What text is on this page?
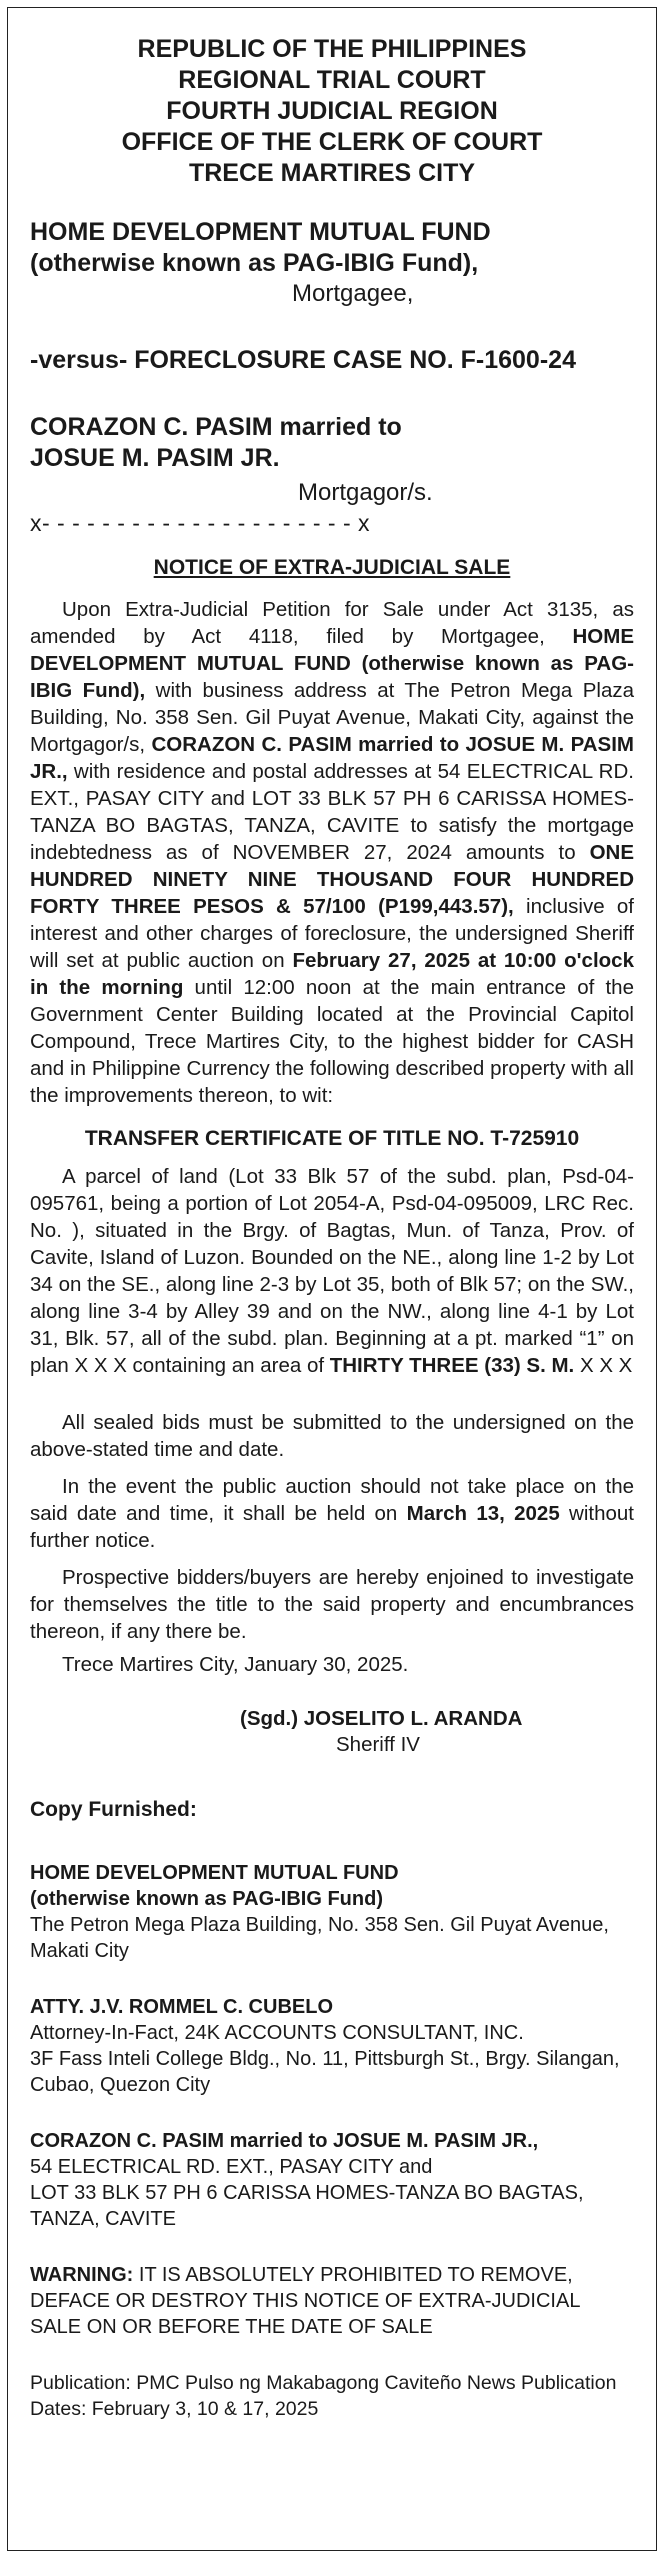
REPUBLIC OF THE PHILIPPINES
REGIONAL TRIAL COURT
FOURTH JUDICIAL REGION
OFFICE OF THE CLERK OF COURT
TRECE MARTIRES CITY
HOME DEVELOPMENT MUTUAL FUND
(otherwise known as PAG-IBIG Fund),
Mortgagee,
-versus- FORECLOSURE CASE NO. F-1600-24
CORAZON C. PASIM married to
JOSUE M. PASIM JR.
Mortgagor/s.
x- - - - - - - - - - - - - - - - - - - - - x
NOTICE OF EXTRA-JUDICIAL SALE

Upon Extra-Judicial Petition for Sale under Act 3135, as amended by Act 4118, filed by Mortgagee, HOME DEVELOPMENT MUTUAL FUND (otherwise known as PAG-IBIG Fund), with business address at The Petron Mega Plaza Building, No. 358 Sen. Gil Puyat Avenue, Makati City, against the Mortgagor/s, CORAZON C. PASIM married to JOSUE M. PASIM JR., with residence and postal addresses at 54 ELECTRICAL RD. EXT., PASAY CITY and LOT 33 BLK 57 PH 6 CARISSA HOMES-TANZA BO BAGTAS, TANZA, CAVITE to satisfy the mortgage indebtedness as of NOVEMBER 27, 2024 amounts to ONE HUNDRED NINETY NINE THOUSAND FOUR HUNDRED FORTY THREE PESOS & 57/100 (P199,443.57), inclusive of interest and other charges of foreclosure, the undersigned Sheriff will set at public auction on February 27, 2025 at 10:00 o'clock in the morning until 12:00 noon at the main entrance of the Government Center Building located at the Provincial Capitol Compound, Trece Martires City, to the highest bidder for CASH and in Philippine Currency the following described property with all the improvements thereon, to wit:

TRANSFER CERTIFICATE OF TITLE NO. T-725910

A parcel of land (Lot 33 Blk 57 of the subd. plan, Psd-04-095761, being a portion of Lot 2054-A, Psd-04-095009, LRC Rec. No. ), situated in the Brgy. of Bagtas, Mun. of Tanza, Prov. of Cavite, Island of Luzon. Bounded on the NE., along line 1-2 by Lot 34 on the SE., along line 2-3 by Lot 35, both of Blk 57; on the SW., along line 3-4 by Alley 39 and on the NW., along line 4-1 by Lot 31, Blk. 57, all of the subd. plan. Beginning at a pt. marked “1” on plan X X X containing an area of THIRTY THREE (33) S. M. X X X

All sealed bids must be submitted to the undersigned on the above-stated time and date.

In the event the public auction should not take place on the said date and time, it shall be held on March 13, 2025 without further notice.

Prospective bidders/buyers are hereby enjoined to investigate for themselves the title to the said property and encumbrances thereon, if any there be.

Trece Martires City, January 30, 2025.

(Sgd.) JOSELITO L. ARANDA
Sheriff IV
Copy Furnished:
HOME DEVELOPMENT MUTUAL FUND
(otherwise known as PAG-IBIG Fund)
The Petron Mega Plaza Building, No. 358 Sen. Gil Puyat Avenue, Makati City
ATTY. J.V. ROMMEL C. CUBELO
Attorney-In-Fact, 24K ACCOUNTS CONSULTANT, INC.
3F Fass Inteli College Bldg., No. 11, Pittsburgh St., Brgy. Silangan, Cubao, Quezon City
CORAZON C. PASIM married to JOSUE M. PASIM JR.,
54 ELECTRICAL RD. EXT., PASAY CITY and
LOT 33 BLK 57 PH 6 CARISSA HOMES-TANZA BO BAGTAS, TANZA, CAVITE
WARNING: IT IS ABSOLUTELY PROHIBITED TO REMOVE, DEFACE OR DESTROY THIS NOTICE OF EXTRA-JUDICIAL SALE ON OR BEFORE THE DATE OF SALE
Publication: PMC Pulso ng Makabagong Caviteño News Publication
Dates: February 3, 10 & 17, 2025
